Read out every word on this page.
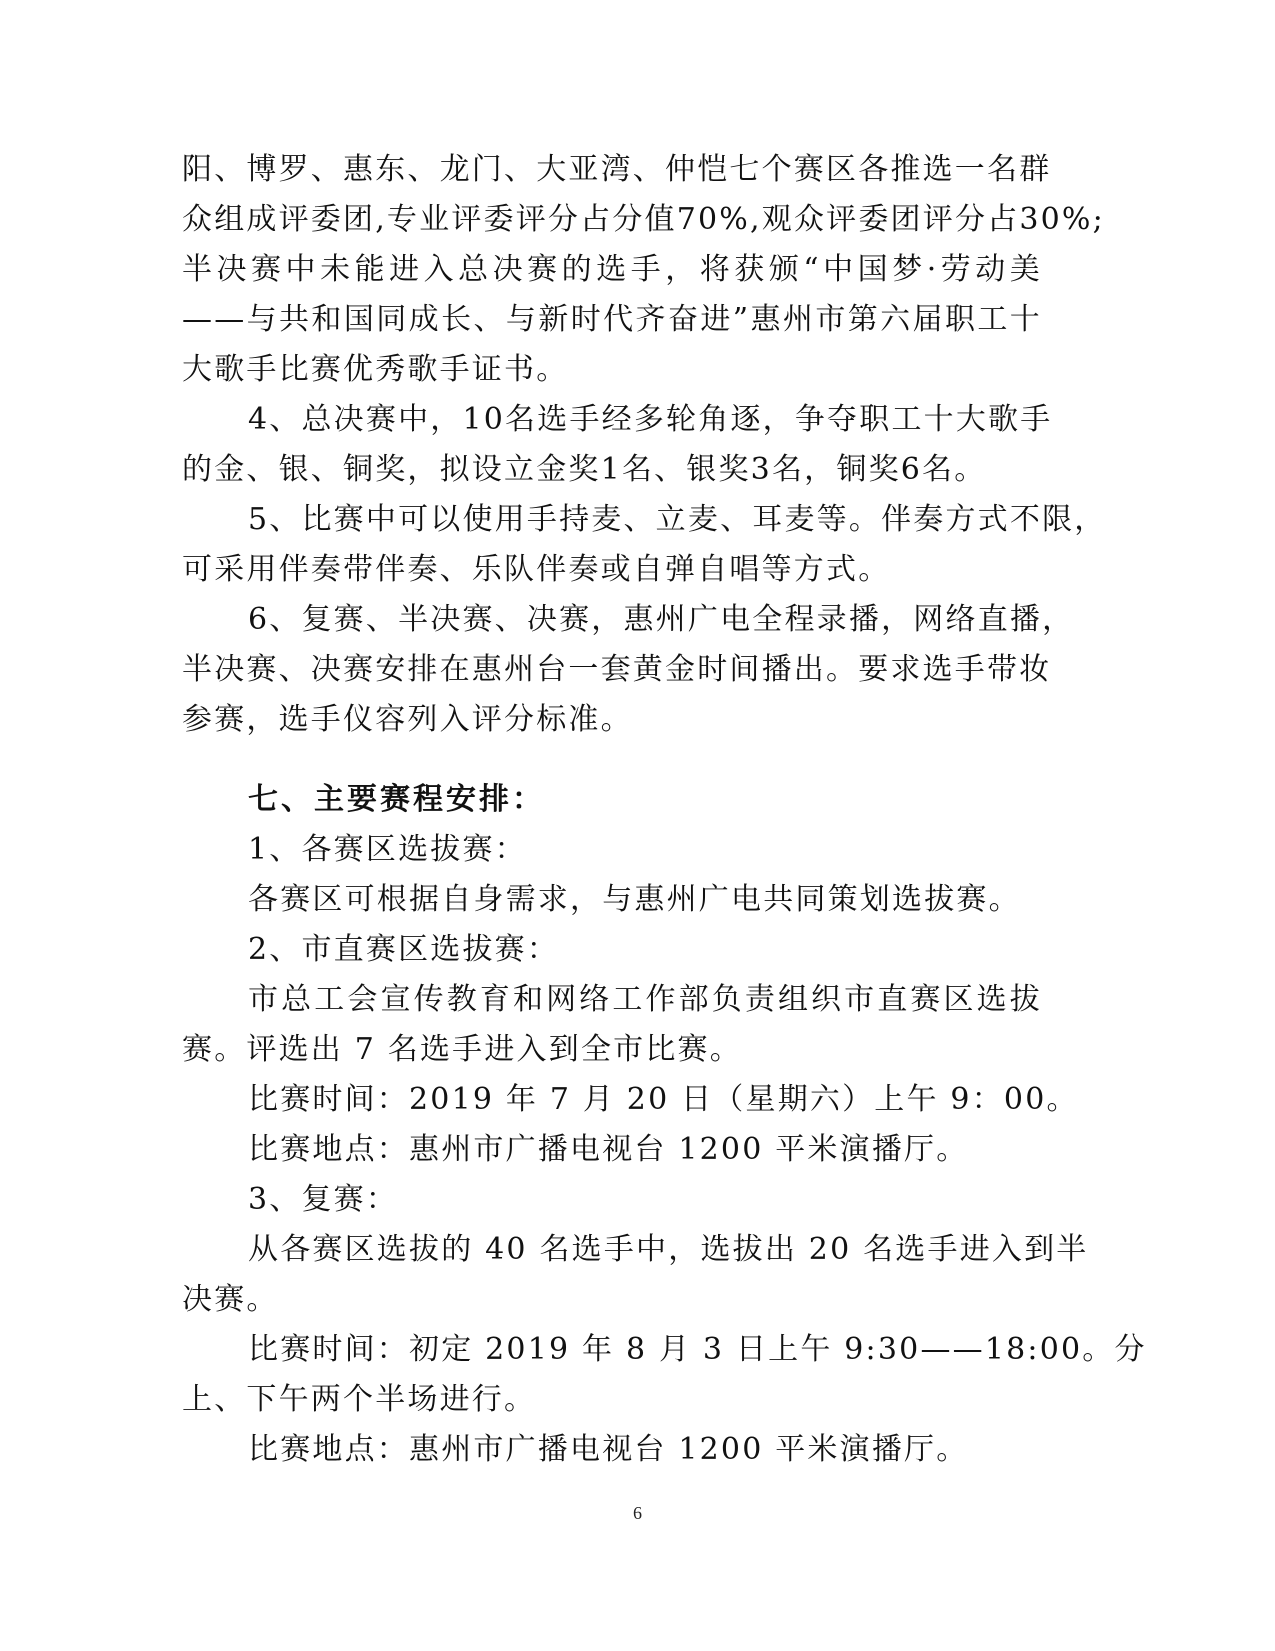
阳、博罗、惠东、龙门、大亚湾、仲恺七个赛区各推选一名群
众组成评委团,专业评委评分占分值70%,观众评委团评分占30%;
半决赛中未能进入总决赛的选手，将获颁“中国梦·劳动美
——与共和国同成长、与新时代齐奋进”惠州市第六届职工十
大歌手比赛优秀歌手证书。
4、总决赛中，10名选手经多轮角逐，争夺职工十大歌手
的金、银、铜奖，拟设立金奖1名、银奖3名，铜奖6名。
5、比赛中可以使用手持麦、立麦、耳麦等。伴奏方式不限，
可采用伴奏带伴奏、乐队伴奏或自弹自唱等方式。
6、复赛、半决赛、决赛，惠州广电全程录播，网络直播，
半决赛、决赛安排在惠州台一套黄金时间播出。要求选手带妆
参赛，选手仪容列入评分标准。
七、主要赛程安排：
1、各赛区选拔赛：
各赛区可根据自身需求，与惠州广电共同策划选拔赛。
2、市直赛区选拔赛：
市总工会宣传教育和网络工作部负责组织市直赛区选拔
赛。评选出 7 名选手进入到全市比赛。
比赛时间：2019 年 7 月 20 日（星期六）上午 9：00。
比赛地点：惠州市广播电视台 1200 平米演播厅。
3、复赛：
从各赛区选拔的 40 名选手中，选拔出 20 名选手进入到半
决赛。
比赛时间：初定 2019 年 8 月 3 日上午 9:30——18:00。分
上、下午两个半场进行。
比赛地点：惠州市广播电视台 1200 平米演播厅。
6
